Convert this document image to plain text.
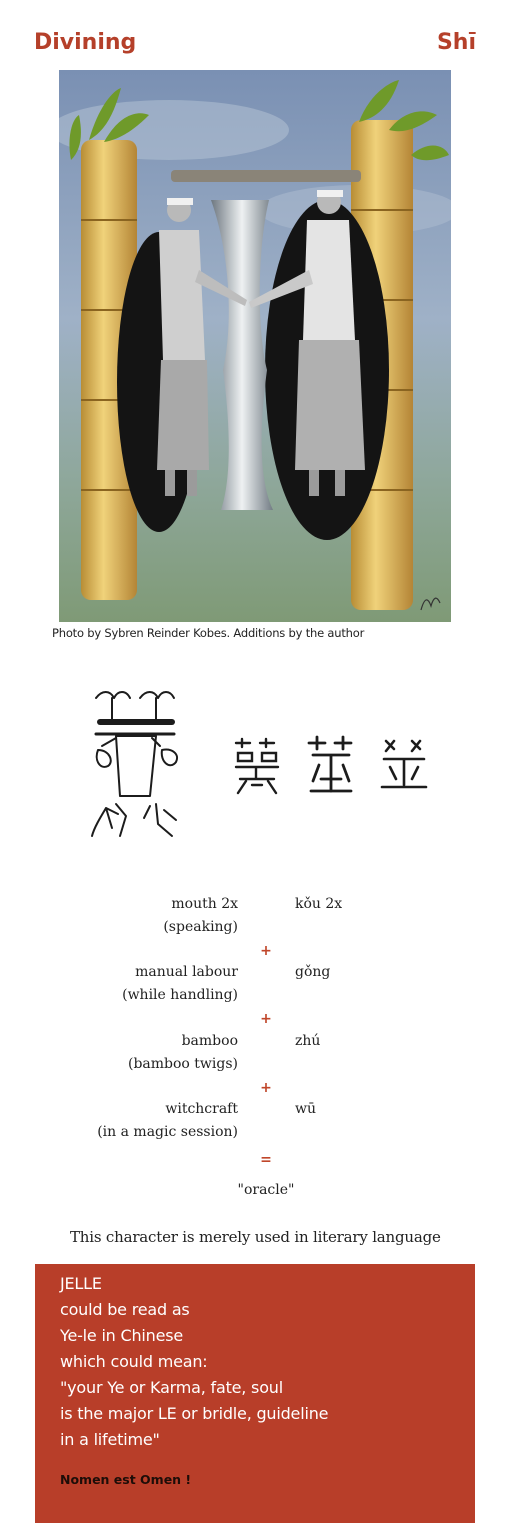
Divining	Shī
Photo by Sybren Reinder Kobes. Additions by the author
mouth 2x
(speaking)
kǒu 2x
+
manual labour
(while handling)
gǒng
+
bamboo
(bamboo twigs)
zhú
+
witchcraft
(in a magic session)
wū
=
"oracle"
This character is merely used in literary language
JELLE
could be read as
Ye-le in Chinese
which could mean:
"your Ye or Karma, fate, soul
is the major LE or bridle, guideline
in a lifetime"
Nomen est Omen !
